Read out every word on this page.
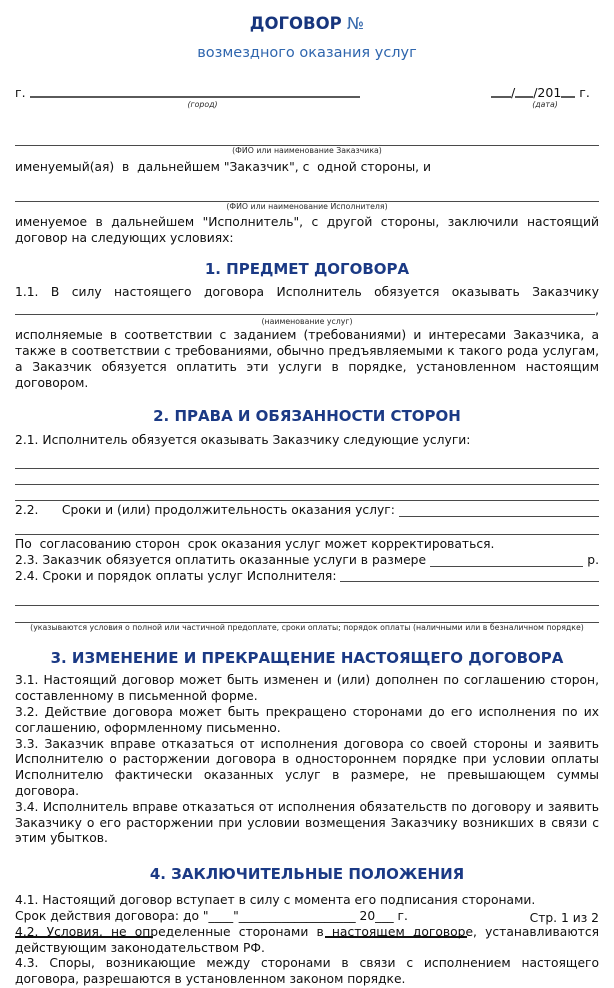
ДОГОВОР №
возмездного оказания услуг
г.
(город)
/ /201 г.
(дата)
(ФИО или наименование Заказчика)

именуемый(ая)  в  дальнейшем "Заказчик", с  одной стороны, и

(ФИО или наименование Исполнителя)

именуемое в дальнейшем "Исполнитель", с другой стороны, заключили настоящий договор на следующих условиях:

1. ПРЕДМЕТ ДОГОВОРА

1.1. В силу настоящего договора Исполнитель обязуется оказывать Заказчику

,
(наименование услуг)

исполняемые в соответствии с заданием (требованиями) и интересами Заказчика, а также в соответствии с требованиями, обычно предъявляемыми к такого рода услугам, а Заказчик обязуется оплатить эти услуги в порядке, установленном настоящим договором.

2. ПРАВА И ОБЯЗАННОСТИ СТОРОН

2.1. Исполнитель обязуется оказывать Заказчику следующие услуги:

2.2.      Сроки и (или) продолжительность оказания услуг:

По  согласованию сторон  срок оказания услуг может корректироваться.

2.3. Заказчик обязуется оплатить оказанные услуги в размере	р.
2.4. Сроки и порядок оплаты услуг Исполнителя:
(указываются условия о полной или частичной предоплате, сроки оплаты; порядок оплаты (наличными или в безналичном порядке)
3. ИЗМЕНЕНИЕ И ПРЕКРАЩЕНИЕ НАСТОЯЩЕГО ДОГОВОРА

3.1. Настоящий договор может быть изменен и (или) дополнен по соглашению сторон, составленному в письменной форме.

3.2. Действие договора может быть прекращено сторонами до его исполнения по их соглашению, оформленному письменно.

3.3. Заказчик вправе отказаться от исполнения договора со своей стороны и заявить Исполнителю о расторжении договора в одностороннем порядке при условии оплаты Исполнителю фактически оказанных услуг в размере, не превышающем суммы договора.

3.4. Исполнитель вправе отказаться от исполнения обязательств по договору и заявить Заказчику о его расторжении при условии возмещения Заказчику возникших в связи с этим убытков.

4. ЗАКЛЮЧИТЕЛЬНЫЕ ПОЛОЖЕНИЯ

4.1. Настоящий договор вступает в силу с момента его подписания сторонами.

Срок действия договора: до "____"___________________ 20___ г.

4.2. Условия, не определенные сторонами в настоящем договоре, устанавливаются действующим законодательством РФ.

4.3. Споры, возникающие между сторонами в связи с исполнением настоящего договора, разрешаются в установленном законом порядке.

Стр. 1 из 2
